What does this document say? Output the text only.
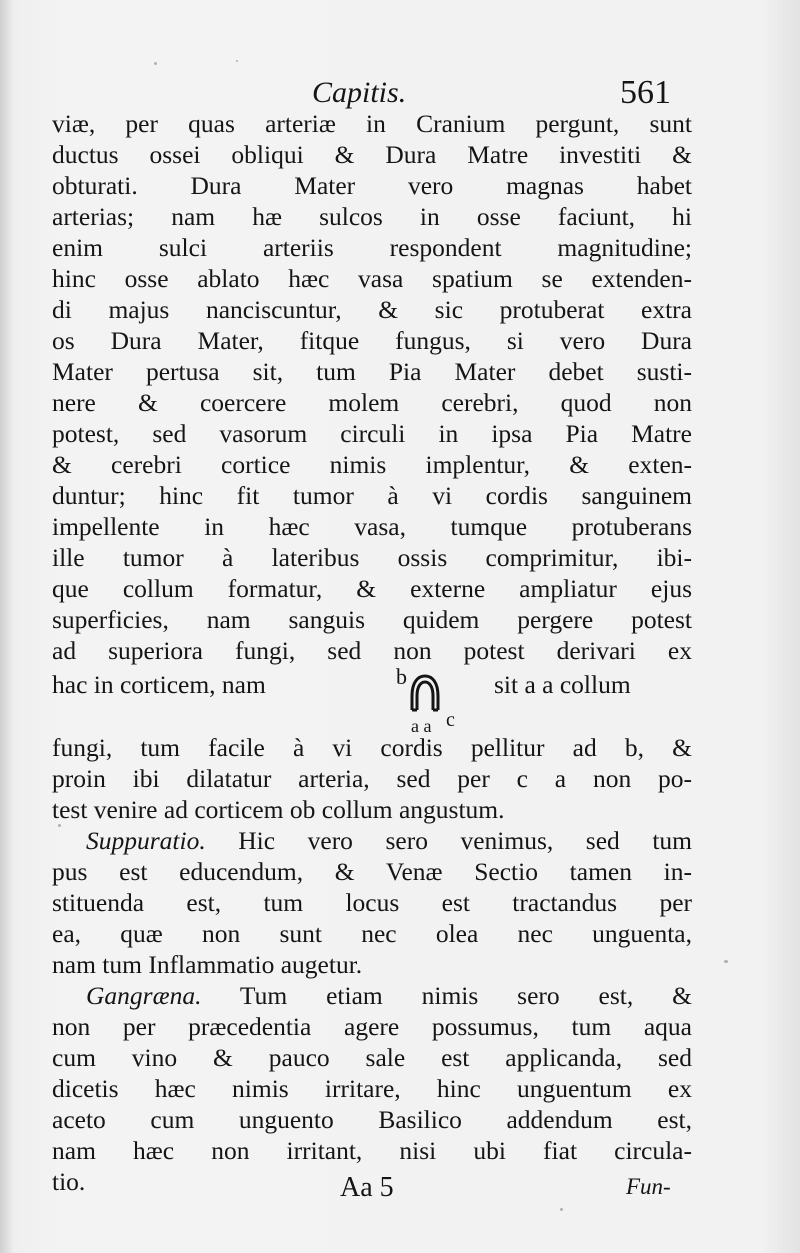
Capitis.	561
viæ, per quas arteriæ in Cranium pergunt, sunt
ductus ossei obliqui & Dura Matre investiti &
obturati. Dura Mater vero magnas habet
arterias; nam hæ sulcos in osse faciunt, hi
enim sulci arteriis respondent magnitudine;
hinc osse ablato hæc vasa spatium se extenden-
di majus nanciscuntur, & sic protuberat extra
os Dura Mater, fitque fungus, si vero Dura
Mater pertusa sit, tum Pia Mater debet susti-
nere & coercere molem cerebri, quod non
potest, sed vasorum circuli in ipsa Pia Matre
& cerebri cortice nimis implentur, & exten-
duntur; hinc fit tumor à vi cordis sanguinem
impellente in hæc vasa, tumque protuberans
ille tumor à lateribus ossis comprimitur, ibi-
que collum formatur, & externe ampliatur ejus
superficies, nam sanguis quidem pergere potest
ad superiora fungi, sed non potest derivari ex
hac in corticem, nam	b
c
a a
sit a a collum
fungi, tum facile à vi cordis pellitur ad b, &
proin ibi dilatatur arteria, sed per c a non po-
test venire ad corticem ob collum angustum.
Suppuratio. Hic vero sero venimus, sed tum
pus est educendum, & Venæ Sectio tamen in-
stituenda est, tum locus est tractandus per
ea, quæ non sunt nec olea nec unguenta,
nam tum Inflammatio augetur.
Gangræna. Tum etiam nimis sero est, &
non per præcedentia agere possumus, tum aqua
cum vino & pauco sale est applicanda, sed
dicetis hæc nimis irritare, hinc unguentum ex
aceto cum unguento Basilico addendum est,
nam hæc non irritant, nisi ubi fiat circula-
tio.	Aa 5	Fun-
